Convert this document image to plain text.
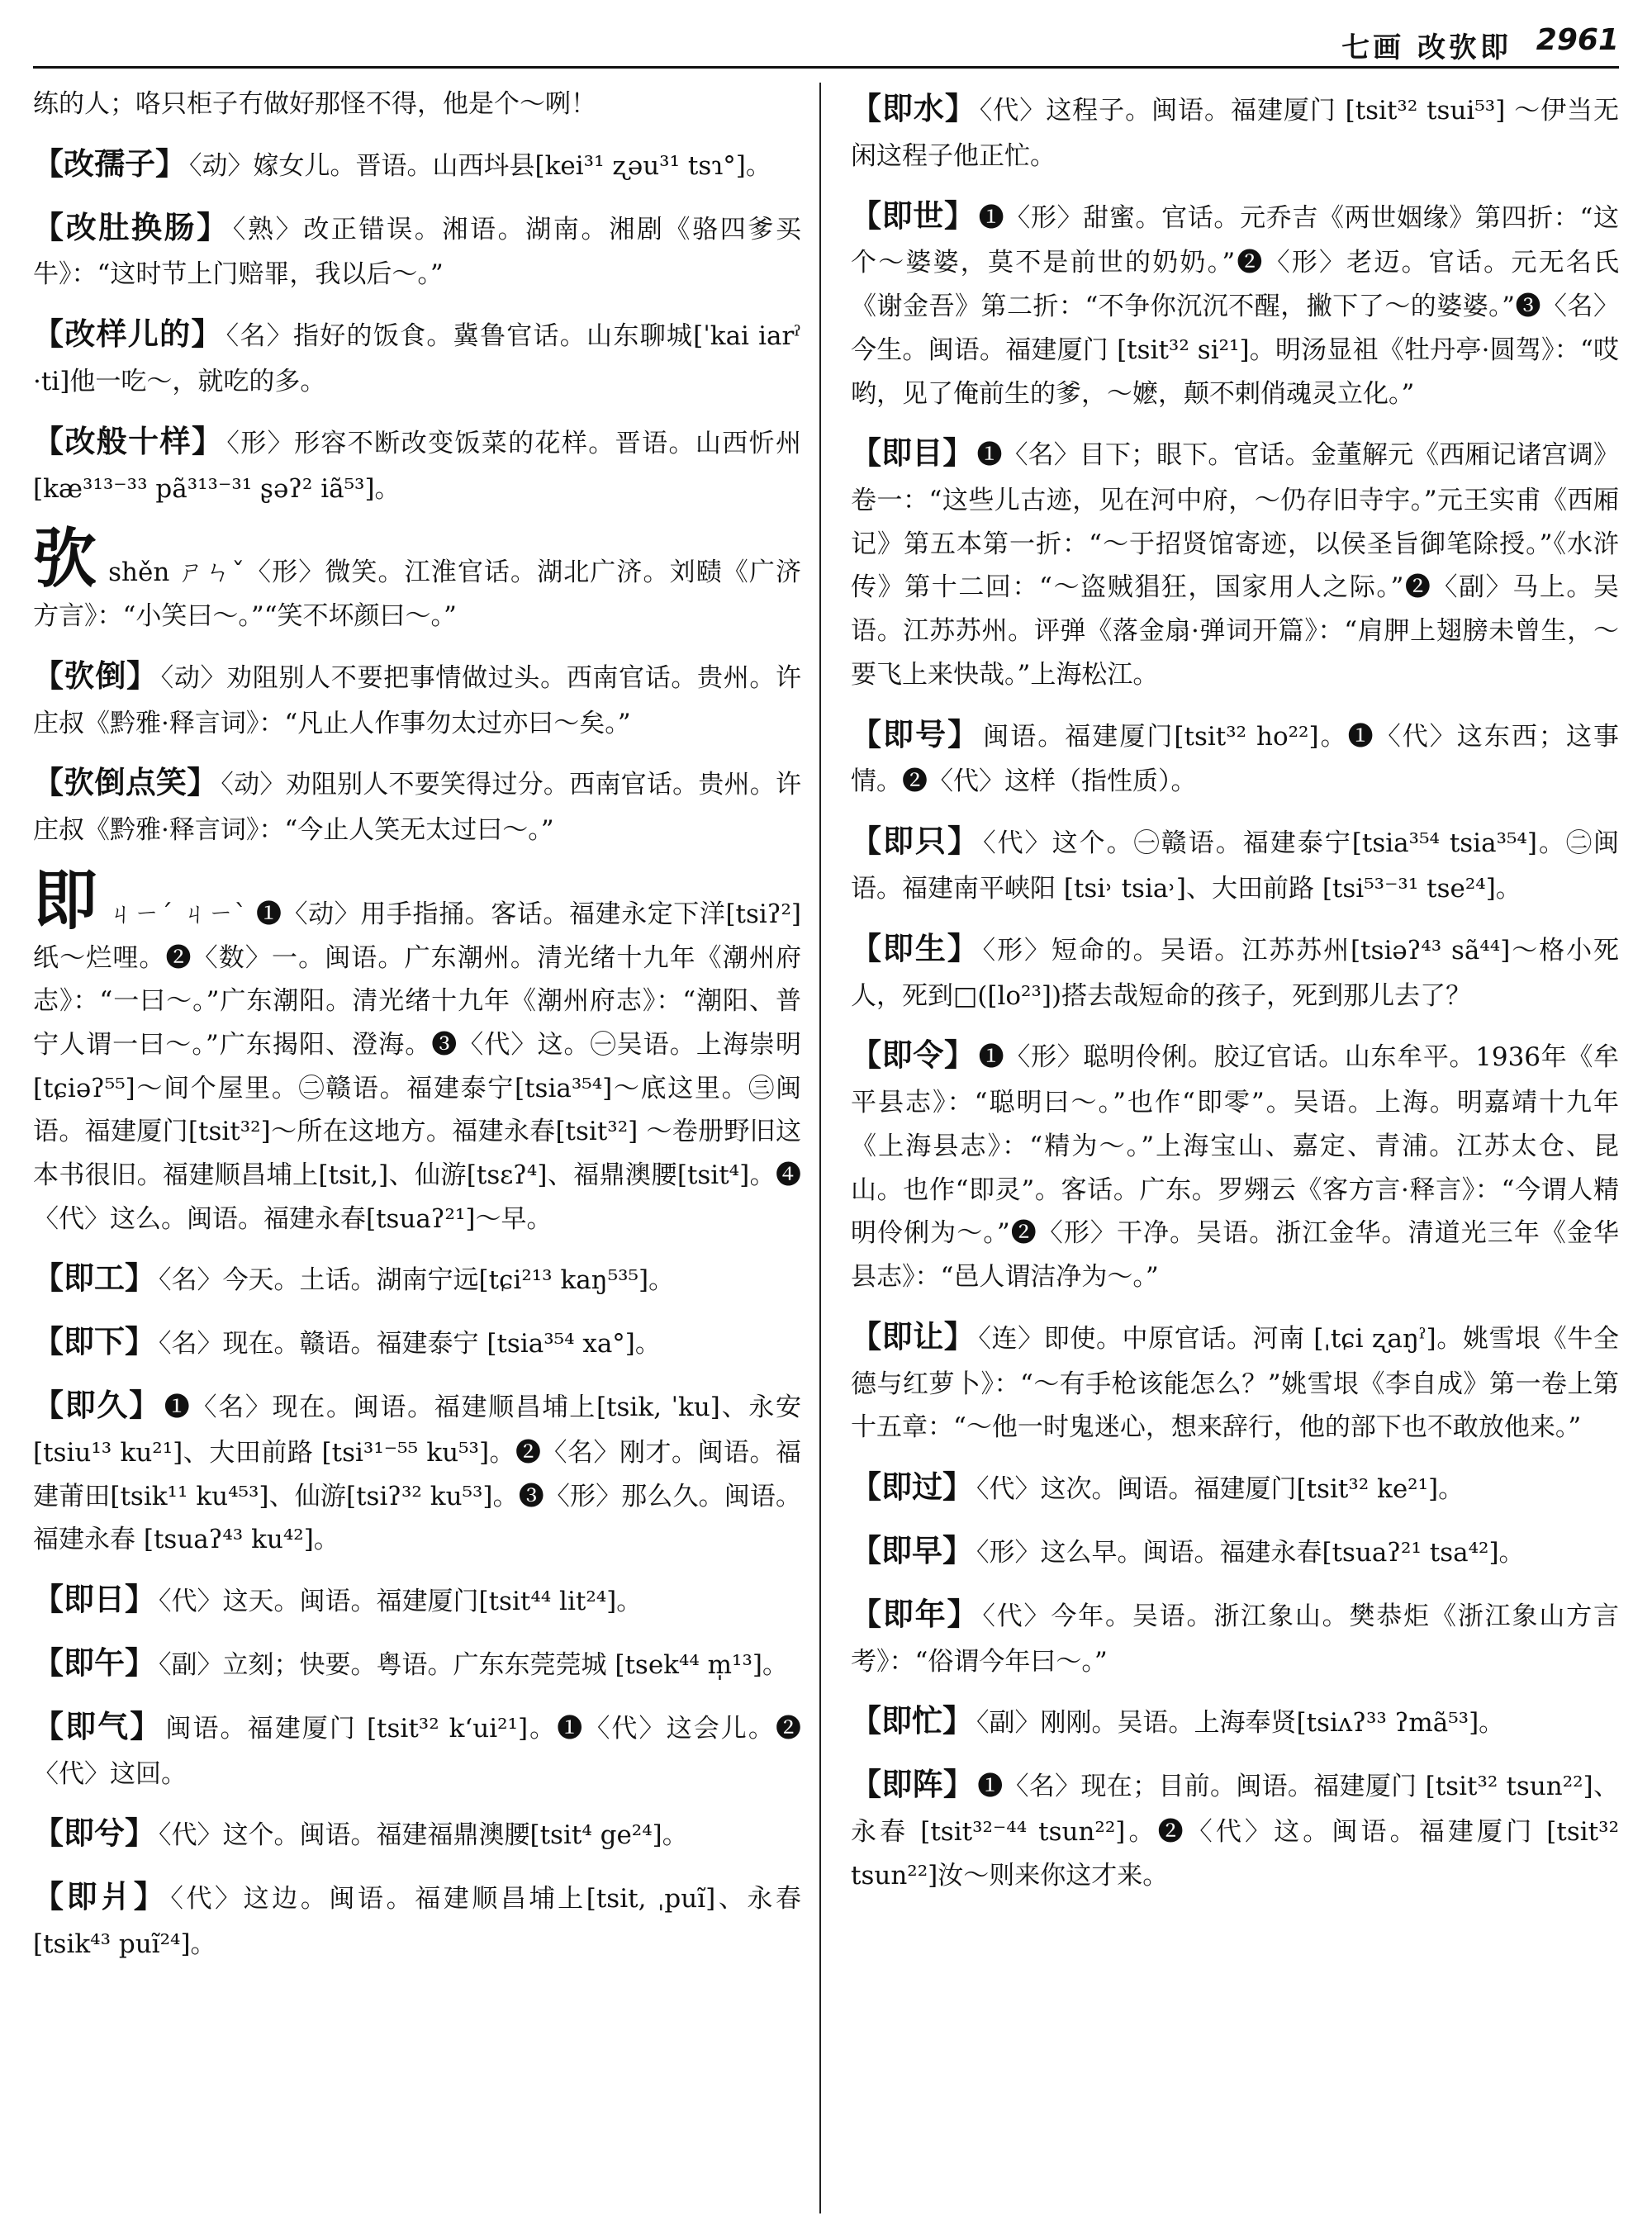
七画 改弞即 2961

练的人；咯只柜子冇做好那怪不得，他是个～咧！

【改孺子】 〈动〉嫁女儿。晋语。山西㘰县[kei³¹ ʐəu³¹ tsɿ°]。

【改肚换肠】 〈熟〉改正错误。湘语。湖南。湘剧《骆四爹买牛》：“这时节上门赔罪，我以后～。”

【改样儿的】 〈名〉指好的饭食。冀鲁官话。山东聊城[ˈkai iarˀ ·ti]他一吃～，就吃的多。

【改般十样】 〈形〉形容不断改变饭菜的花样。晋语。山西忻州[kæ³¹³⁻³³ pã³¹³⁻³¹ ʂəʔ² iã⁵³]。

弞shěn ㄕㄣˇ〈形〉微笑。江淮官话。湖北广济。刘赜《广济方言》：“小笑曰～。”“笑不坏颜曰～。”

【弞倒】 〈动〉劝阻别人不要把事情做过头。西南官话。贵州。许庄叔《黔雅·释言词》：“凡止人作事勿太过亦曰～矣。”

【弞倒点笑】 〈动〉劝阻别人不要笑得过分。西南官话。贵州。许庄叔《黔雅·释言词》：“今止人笑无太过曰～。”

即ㄐㄧˊ ㄐㄧˋ ❶〈动〉用手指捅。客话。福建永定下洋[tsiʔ²]纸～烂哩。❷〈数〉一。闽语。广东潮州。清光绪十九年《潮州府志》：“一曰～。”广东潮阳。清光绪十九年《潮州府志》：“潮阳、普宁人谓一曰～。”广东揭阳、澄海。❸〈代〉这。㊀吴语。上海崇明[tɕiəʔ⁵⁵]～间个屋里。㊁赣语。福建泰宁[tsia³⁵⁴]～底这里。㊂闽语。福建厦门[tsit³²]～所在这地方。福建永春[tsit³²] ～卷册野旧这本书很旧。福建顺昌埔上[tsit,]、仙游[tsɛʔ⁴]、福鼎澳腰[tsit⁴]。❹〈代〉这么。闽语。福建永春[tsuaʔ²¹]～早。

【即工】 〈名〉今天。土话。湖南宁远[tɕi²¹³ kaŋ⁵³⁵]。

【即下】 〈名〉现在。赣语。福建泰宁 [tsia³⁵⁴ xa°]。

【即久】 ❶〈名〉现在。闽语。福建顺昌埔上[tsik, ˈku]、永安 [tsiu¹³ ku²¹]、大田前路 [tsi³¹⁻⁵⁵ ku⁵³]。❷〈名〉刚才。闽语。福建莆田[tsik¹¹ ku⁴⁵³]、仙游[tsiʔ³² ku⁵³]。❸〈形〉那么久。闽语。福建永春 [tsuaʔ⁴³ ku⁴²]。

【即日】 〈代〉这天。闽语。福建厦门[tsit⁴⁴ lit²⁴]。

【即午】 〈副〉立刻；快要。粤语。广东东莞莞城 [tsek⁴⁴ m̩¹³]。

【即气】 闽语。福建厦门 [tsit³² kʻui²¹]。❶〈代〉这会儿。❷〈代〉这回。

【即兮】 〈代〉这个。闽语。福建福鼎澳腰[tsit⁴ ge²⁴]。

【即爿】 〈代〉这边。闽语。福建顺昌埔上[tsit, ˌpuĩ]、永春[tsik⁴³ puĩ²⁴]。

【即水】 〈代〉这程子。闽语。福建厦门 [tsit³² tsui⁵³] ～伊当无闲这程子他正忙。

【即世】 ❶〈形〉甜蜜。官话。元乔吉《两世姻缘》第四折：“这个～婆婆，莫不是前世的奶奶。”❷〈形〉老迈。官话。元无名氏《谢金吾》第二折：“不争你沉沉不醒，撇下了～的婆婆。”❸〈名〉今生。闽语。福建厦门 [tsit³² si²¹]。明汤显祖《牡丹亭·圆驾》：“哎哟，见了俺前生的爹，～嬷，颠不剌俏魂灵立化。”

【即目】 ❶〈名〉目下；眼下。官话。金董解元《西厢记诸宫调》卷一：“这些儿古迹，见在河中府，～仍存旧寺宇。”元王实甫《西厢记》第五本第一折：“～于招贤馆寄迹，以侯圣旨御笔除授。”《水浒传》第十二回：“～盗贼猖狂，国家用人之际。”❷〈副〉马上。吴语。江苏苏州。评弹《落金扇·弹词开篇》：“肩胛上翅膀未曾生，～要飞上来快哉。”上海松江。

【即号】 闽语。福建厦门[tsit³² ho²²]。❶〈代〉这东西；这事情。❷〈代〉这样（指性质）。

【即只】 〈代〉这个。㊀赣语。福建泰宁[tsia³⁵⁴ tsia³⁵⁴]。㊁闽语。福建南平峡阳 [tsi˒ tsia˒]、大田前路 [tsi⁵³⁻³¹ tse²⁴]。

【即生】 〈形〉短命的。吴语。江苏苏州[tsiəʔ⁴³ sã⁴⁴]～格小死人，死到□([lo²³])搭去哉短命的孩子，死到那儿去了？

【即令】 ❶〈形〉聪明伶俐。胶辽官话。山东牟平。1936年《牟平县志》：“聪明曰～。”也作“即零”。吴语。上海。明嘉靖十九年《上海县志》：“精为～。”上海宝山、嘉定、青浦。江苏太仓、昆山。也作“即灵”。客话。广东。罗翙云《客方言·释言》：“今谓人精明伶俐为～。”❷〈形〉干净。吴语。浙江金华。清道光三年《金华县志》：“邑人谓洁净为～。”

【即让】 〈连〉即使。中原官话。河南 [ˌtɕi ʐaŋˀ]。姚雪垠《牛全德与红萝卜》：“～有手枪该能怎么？”姚雪垠《李自成》第一卷上第十五章：“～他一时鬼迷心，想来辞行，他的部下也不敢放他来。”

【即过】 〈代〉这次。闽语。福建厦门[tsit³² ke²¹]。

【即早】 〈形〉这么早。闽语。福建永春[tsuaʔ²¹ tsa⁴²]。

【即年】 〈代〉今年。吴语。浙江象山。樊恭炬《浙江象山方言考》：“俗谓今年曰～。”

【即忙】 〈副〉刚刚。吴语。上海奉贤[tsiʌʔ³³ ʔmã⁵³]。

【即阵】 ❶〈名〉现在；目前。闽语。福建厦门 [tsit³² tsun²²]、永春 [tsit³²⁻⁴⁴ tsun²²]。❷〈代〉这。闽语。福建厦门 [tsit³² tsun²²]汝～则来你这才来。
